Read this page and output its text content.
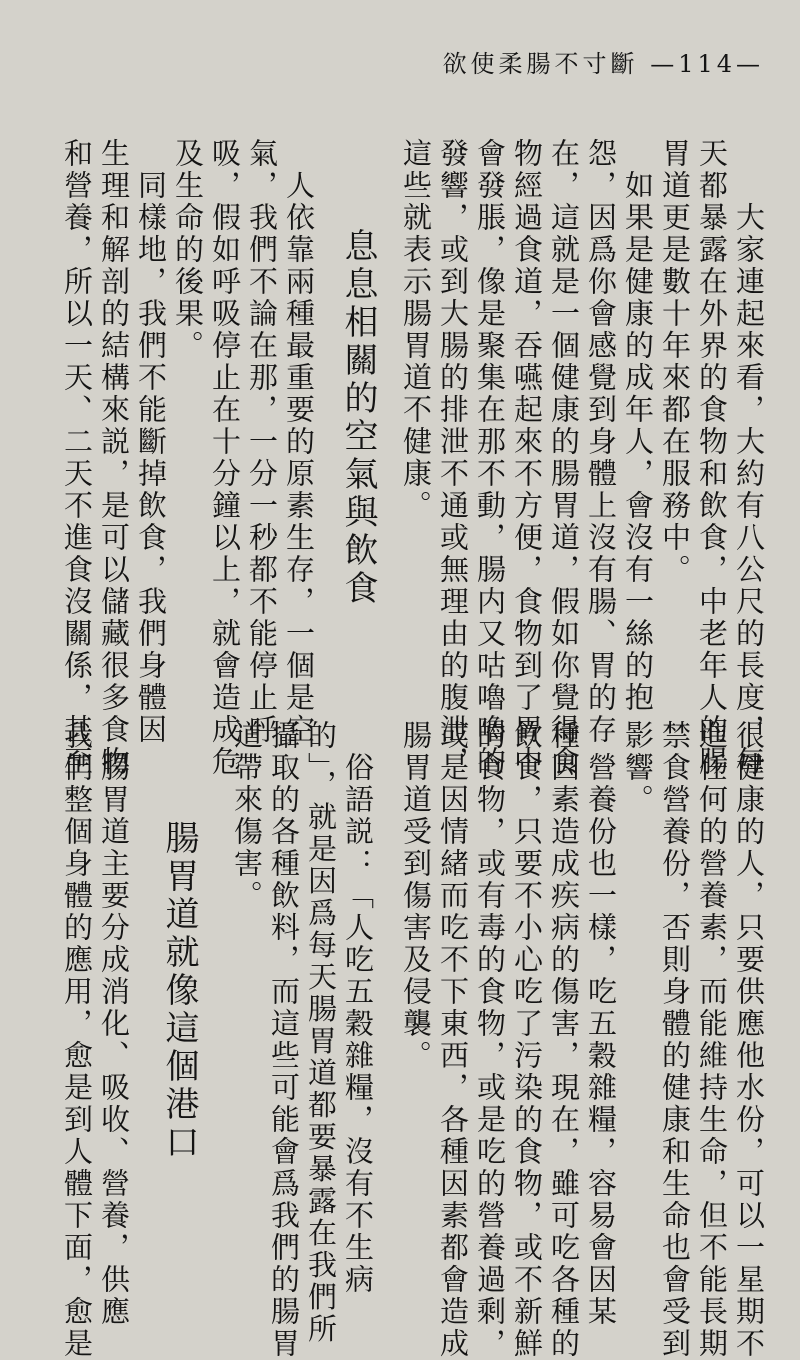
欲使柔腸不寸斷 —114—
　大家連起來看，大約有八公尺的長度，每
天都暴露在外界的食物和飲食，中老年人的腸
胃道更是數十年來都在服務中。
　如果是健康的成年人，會沒有一絲的抱
怨，因爲你會感覺到身體上沒有腸、胃的存
在，這就是一個健康的腸胃道，假如你覺得食
物經過食道，吞嚥起來不方便，食物到了胃中
會發脹，像是聚集在那不動，腸内又咕嚕嚕的
發響，或到大腸的排泄不通或無理由的腹泄，
這些就表示腸胃道不健康。
息息相關的空氣與飲食
　人依靠兩種最重要的原素生存，一個是空
氣，我們不論在那，一分一秒都不能停止呼
吸，假如呼吸停止在十分鐘以上，就會造成危
及生命的後果。
　同樣地，我們不能斷掉飲食，我們身體因
生理和解剖的結構來説，是可以儲藏很多食物
和營養，所以一天、二天不進食沒關係，甚至
很健康的人，只要供應他水份，可以一星期不
進任何的營養素，而能維持生命，但不能長期
禁食營養份，否則身體的健康和生命也會受到
影響。
　營養份也一樣，吃五穀雜糧，容易會因某
種因素造成疾病的傷害，現在，雖可吃各種的
飲食，只要不小心吃了污染的食物，或不新鮮
的食物，或有毒的食物，或是吃的營養過剩，
或是因情緒而吃不下東西，各種因素都會造成
腸胃道受到傷害及侵襲。
　俗語説：「人吃五穀雜糧，沒有不生病
的」，就是因爲每天腸胃道都要暴露在我們所
攝取的各種飲料，而這些可能會爲我們的腸胃
道帶來傷害。
腸胃道就像這個港口
　腸胃道主要分成消化、吸收、營養，供應
我們整個身體的應用，愈是到人體下面，愈是
